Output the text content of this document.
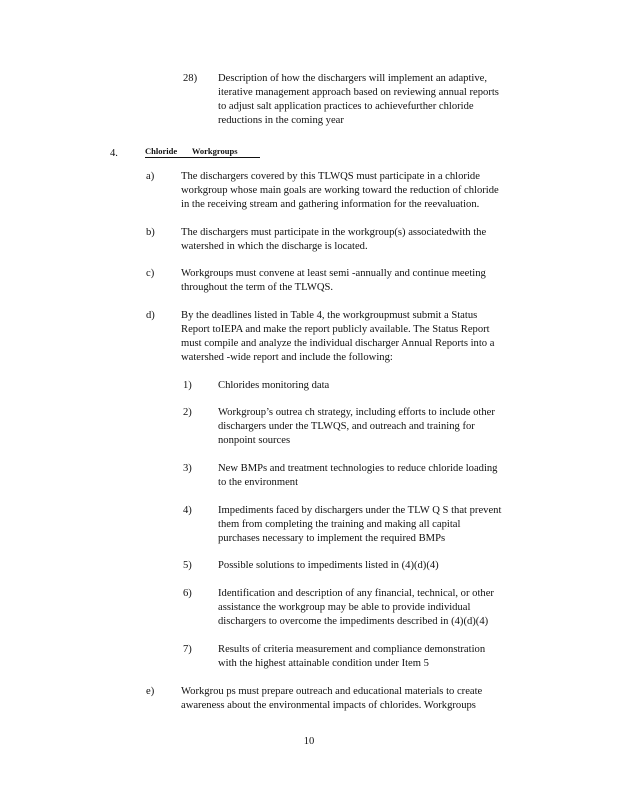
28) Description of how the dischargers will implement an adaptive,
iterative management approach based on reviewing annual reports
to adjust salt application practices to achievefurther chloride
reductions in the coming year
4.	Chloride       Workgroups
a)	The dischargers covered by this TLWQS must participate in a chloride
workgroup whose main goals are working toward the reduction of chloride
in the receiving stream and gathering information for the reevaluation.
b) The dischargers must participate in the workgroup(s) associatedwith the
watershed in which the discharge is located.
c)	Workgroups must convene at least semi -annually and continue meeting
throughout the term of the TLWQS.
d) By the deadlines listed in Table 4, the workgroupmust submit a Status
Report toIEPA and make the report publicly available. The Status Report
must compile and analyze the individual discharger Annual Reports into a
watershed -wide report and include the following:
1) Chlorides monitoring data
2) Workgroup’s outrea ch strategy, including efforts to include other
dischargers under the TLWQS, and outreach and training for
nonpoint sources
3) New BMPs and treatment technologies to reduce chloride loading
to the environment
4) Impediments faced by dischargers under the TLW Q S that prevent
them from completing the training and making all capital
purchases necessary to implement the required BMPs
5) Possible solutions to impediments listed in (4)(d)(4)
6) Identification and description of any financial, technical, or other
assistance the workgroup may be able to provide individual
dischargers to overcome the impediments described in (4)(d)(4)
7) Results of criteria measurement and compliance demonstration
with the highest attainable condition under Item 5
e)	Workgrou ps must prepare outreach and educational materials to create
awareness about the environmental impacts of chlorides. Workgroups
10
